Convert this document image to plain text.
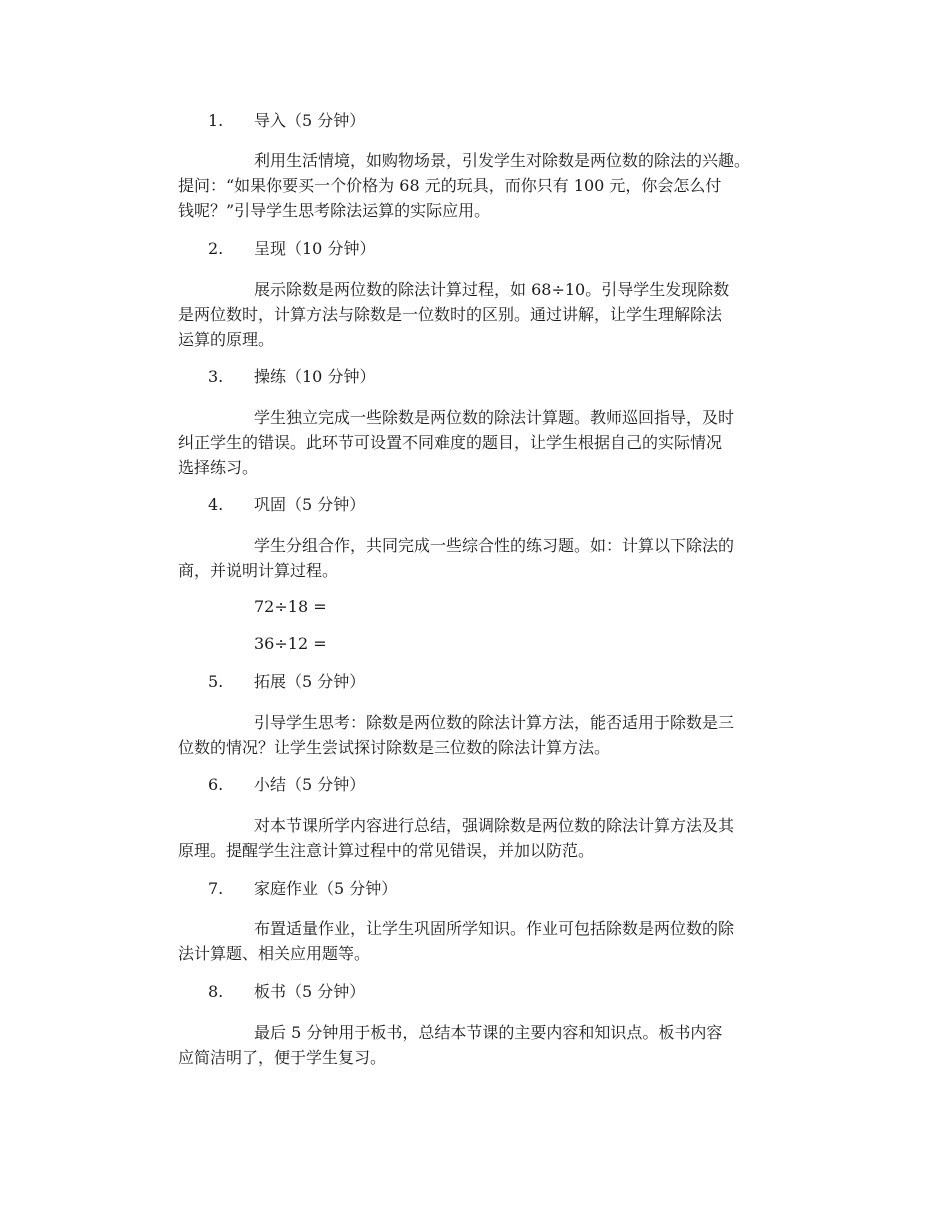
1. 导入（5 分钟）
利用生活情境，如购物场景，引发学生对除数是两位数的除法的兴趣。
提问：“如果你要买一个价格为 68 元的玩具，而你只有 100 元，你会怎么付
钱呢？”引导学生思考除法运算的实际应用。
2. 呈现（10 分钟）
展示除数是两位数的除法计算过程，如 68÷10。引导学生发现除数
是两位数时，计算方法与除数是一位数时的区别。通过讲解，让学生理解除法
运算的原理。
3. 操练（10 分钟）
学生独立完成一些除数是两位数的除法计算题。教师巡回指导，及时
纠正学生的错误。此环节可设置不同难度的题目，让学生根据自己的实际情况
选择练习。
4. 巩固（5 分钟）
学生分组合作，共同完成一些综合性的练习题。如：计算以下除法的
商，并说明计算过程。
72÷18 =
36÷12 =
5. 拓展（5 分钟）
引导学生思考：除数是两位数的除法计算方法，能否适用于除数是三
位数的情况？让学生尝试探讨除数是三位数的除法计算方法。
6. 小结（5 分钟）
对本节课所学内容进行总结，强调除数是两位数的除法计算方法及其
原理。提醒学生注意计算过程中的常见错误，并加以防范。
7. 家庭作业（5 分钟）
布置适量作业，让学生巩固所学知识。作业可包括除数是两位数的除
法计算题、相关应用题等。
8. 板书（5 分钟）
最后 5 分钟用于板书，总结本节课的主要内容和知识点。板书内容
应简洁明了，便于学生复习。
